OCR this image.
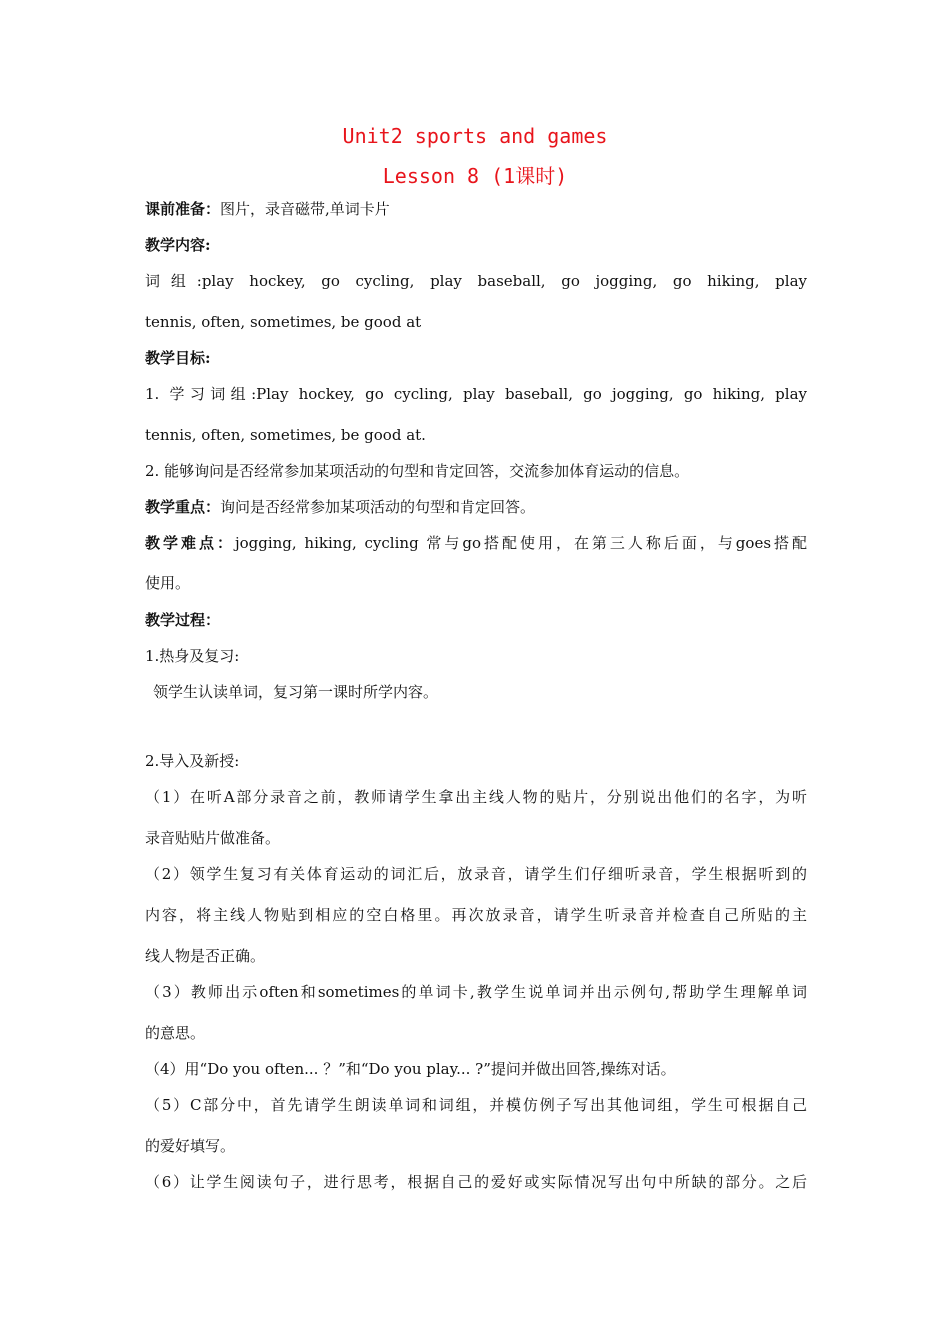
Unit2 sports and games
Lesson 8 (1课时)
课前准备：图片，录音磁带,单词卡片
教学内容:
词组:play hockey, go cycling, play baseball, go jogging, go hiking, play
tennis, often, sometimes, be good at
教学目标:
1. 学习词组:Play hockey, go cycling, play baseball, go jogging, go hiking, play
tennis, often, sometimes, be good at.
2. 能够询问是否经常参加某项活动的句型和肯定回答，交流参加体育运动的信息。
教学重点：询问是否经常参加某项活动的句型和肯定回答。
教学难点：jogging, hiking, cycling 常与go搭配使用，在第三人称后面，与goes搭配
使用。
教学过程：
1.热身及复习:
领学生认读单词，复习第一课时所学内容。
2.导入及新授:
（1）在听A部分录音之前，教师请学生拿出主线人物的贴片，分别说出他们的名字，为听
录音贴贴片做准备。
（2）领学生复习有关体育运动的词汇后，放录音，请学生们仔细听录音，学生根据听到的
内容，将主线人物贴到相应的空白格里。再次放录音，请学生听录音并检查自己所贴的主
线人物是否正确。
（3）教师出示often和sometimes的单词卡,教学生说单词并出示例句,帮助学生理解单词
的意思。
（4）用“Do you often... ？”和“Do you play... ?”提问并做出回答,操练对话。
（5）C部分中，首先请学生朗读单词和词组，并模仿例子写出其他词组，学生可根据自己
的爱好填写。
（6）让学生阅读句子，进行思考，根据自己的爱好或实际情况写出句中所缺的部分。之后
